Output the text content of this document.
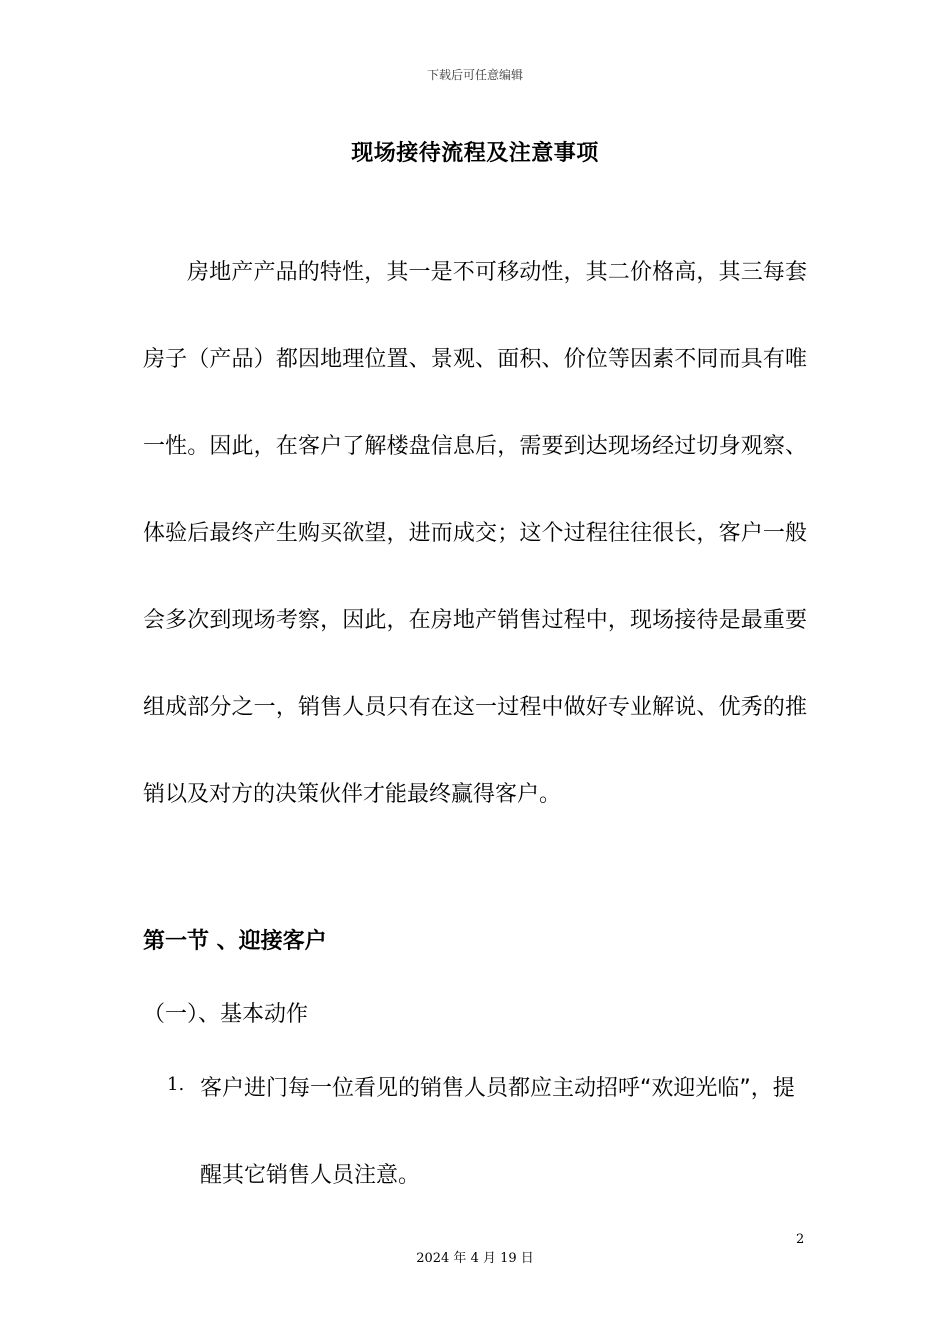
下载后可任意编辑
现场接待流程及注意事项

房地产产品的特性，其一是不可移动性，其二价格高，其三每套房子（产品）都因地理位置、景观、面积、价位等因素不同而具有唯一性。因此，在客户了解楼盘信息后，需要到达现场经过切身观察、体验后最终产生购买欲望，进而成交；这个过程往往很长，客户一般会多次到现场考察，因此，在房地产销售过程中，现场接待是最重要组成部分之一，销售人员只有在这一过程中做好专业解说、优秀的推销以及对方的决策伙伴才能最终赢得客户。

第一节 、迎接客户
（一）、基本动作
1. 客户进门每一位看见的销售人员都应主动招呼“欢迎光临”，提醒其它销售人员注意。

2
2024 年 4 月 19 日
